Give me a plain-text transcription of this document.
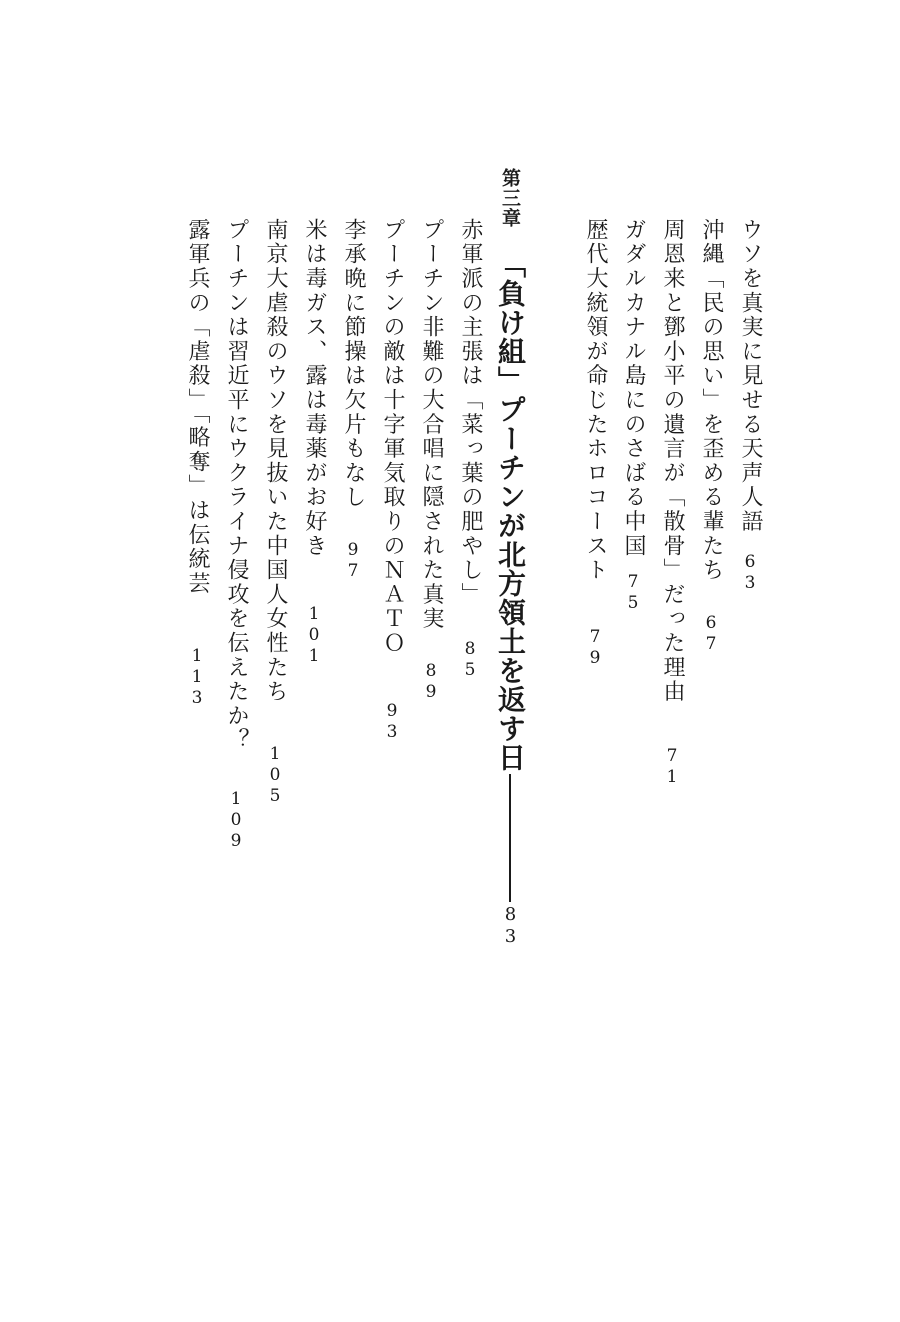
ウソを真実に見せる天声人語63
沖縄「民の思い」を歪める輩たち67
周恩来と鄧小平の遺言が「散骨」だった理由71
ガダルカナル島にのさばる中国75
歴代大統領が命じたホロコースト79
第三章「負け組」プーチンが北方領土を返す日83
赤軍派の主張は「菜っ葉の肥やし」85
プーチン非難の大合唱に隠された真実89
プーチンの敵は十字軍気取りのＮＡＴＯ93
李承晩に節操は欠片もなし97
米は毒ガス、露は毒薬がお好き101
南京大虐殺のウソを見抜いた中国人女性たち105
プーチンは習近平にウクライナ侵攻を伝えたか？109
露軍兵の「虐殺」「略奪」は伝統芸113
